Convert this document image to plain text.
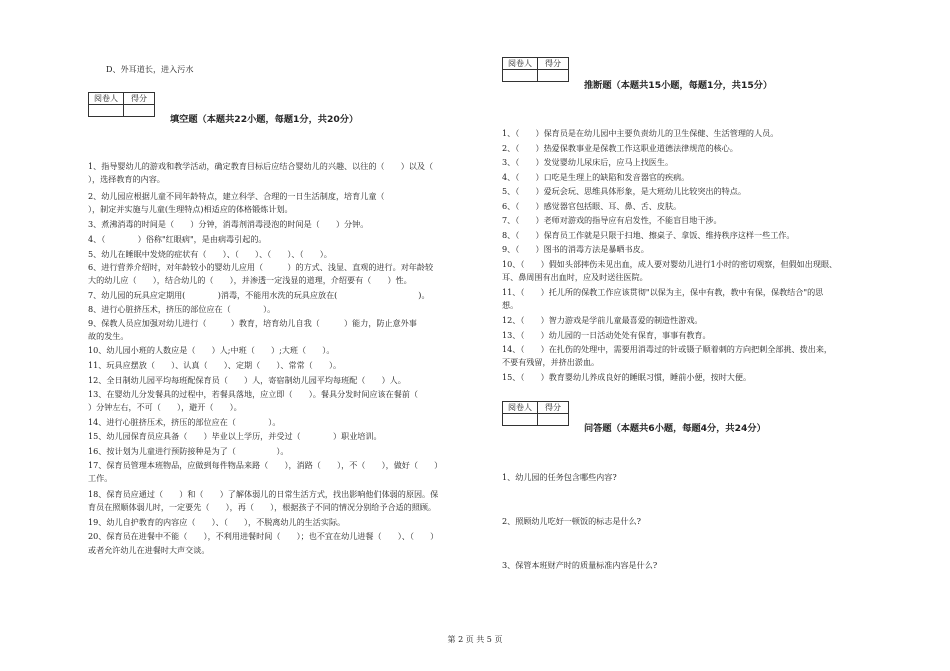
D、外耳道长，进入污水
阅卷人	得分

填空题（本题共22小题，每题1分，共20分）
1、指导婴幼儿的游戏和教学活动，确定教育目标后应结合婴幼儿的兴趣、以往的（　　）以及（
），选择教育的内容。
2、幼儿园应根据儿童不同年龄特点，建立科学、合理的一日生活制度，培育儿童（　　
），制定并实施与儿童(生理特点)相适应的体格锻炼计划。
3、煮沸消毒的时间是（　　）分钟，消毒剂消毒浸泡的时间是（　　）分钟。
4、（　　　　）俗称"红眼病"，是由病毒引起的。
5、幼儿在睡眠中发烧的症状有（　　）、（　　）、（　　）、（　　）。
6、进行营养介绍时，对年龄较小的婴幼儿应用（　　　）的方式、浅显、直观的进行。对年龄较
大的幼儿应（　　），结合幼儿的（　　），并渗透一定浅显的道理，介绍要有（　　）性。
7、幼儿园的玩具应定期用(　　　　)消毒，不能用水洗的玩具应放在(　　　　　　　　　　)。
8、进行心脏挤压术，挤压的部位应在（　　　　）。
9、保教人员应加强对幼儿进行（　　　）教育，培育幼儿自我（　　　）能力，防止意外事
故的发生。
10、幼儿园小班的人数应是（　　）人;中班（　　）;大班（　　）。
11、玩具应摆放（　　）、认真（　　）、定期（　　）、常常（　　）。
12、全日制幼儿园平均每班配保育员（　　）人，寄宿制幼儿园平均每班配（　　）人。
13、在婴幼儿分发餐具的过程中，若餐具落地，应立即（　　）。餐具分发时间应该在餐前（
）分钟左右，不可（　　），避开（　　）。
14、进行心脏挤压术，挤压的部位应在（　　　　）。
15、幼儿园保育员应具备（　　）毕业以上学历，并受过（　　　　）职业培训。
16、按计划为儿童进行预防接种是为了（　　　　　）。
17、保育员管理本班物品，应做到每件物品来路（　　），消路（　　），不（　　），做好（　　）
工作。
18、保育员应通过（　　）和（　　）了解体弱儿的日常生活方式，找出影响他们体弱的原因。保
育员在照顺体弱儿时，一定要先（　　），再（　　），根据孩子不同的情况分别给予合适的照顾。
19、幼儿自护教育的内容应（　　）、（　　），不脱离幼儿的生活实际。
20、保育员在进餐中不能（　　），不利用进餐时间（　　）；也不宜在幼儿进餐（　　）、（　　）
或者允许幼儿在进餐时大声交谈。
阅卷人	得分

推断题（本题共15小题，每题1分，共15分）
1、（　　）保育员是在幼儿园中主要负责幼儿的卫生保健、生活管理的人员。
2、（　　）热爱保教事业是保教工作这职业道德法律规范的核心。
3、（　　）发觉婴幼儿尿床后，应马上找医生。
4、（　　）口吃是生理上的缺陷和发音器官的疾病。
5、（　　）爱玩会玩、思维具体形象，是大班幼儿比较突出的特点。
6、（　　）感觉器官包括眼、耳、鼻、舌、皮肤。
7、（　　）老师对游戏的指导应有启发性，不能盲目地干涉。
8、（　　）保育员工作就是只限于扫地、擦桌子、拿饭、维持秩序这样一些工作。
9、（　　）图书的消毒方法是暴晒书皮。
10、（　　）假如头部摔伤未见出血，成人要对婴幼儿进行1小时的密切观察，但假如出现眼、
耳、鼻周围有出血时，应及时送往医院。
11、（　　）托儿所的保教工作应该贯彻"以保为主，保中有教，教中有保，保教结合"的思
想。
12、（　　）智力游戏是学前儿童最喜爱的制造性游戏。
13、（　　）幼儿园的一日活动处处有保育，事事有教育。
14、（　　）在扎伤的处理中，需要用消毒过的针或镊子顺着刺的方向把刺全部挑、拨出来，
不要有残留，并挤出淤血。
15、（　　）教育婴幼儿养成良好的睡眠习惯，睡前小便，按时大便。
阅卷人	得分

问答题（本题共6小题，每题4分，共24分）
1、幼儿园的任务包含哪些内容?
2、照顾幼儿吃好一顿饭的标志是什么?
3、保管本班财产时的质量标准内容是什么?
第 2 页 共 5 页
